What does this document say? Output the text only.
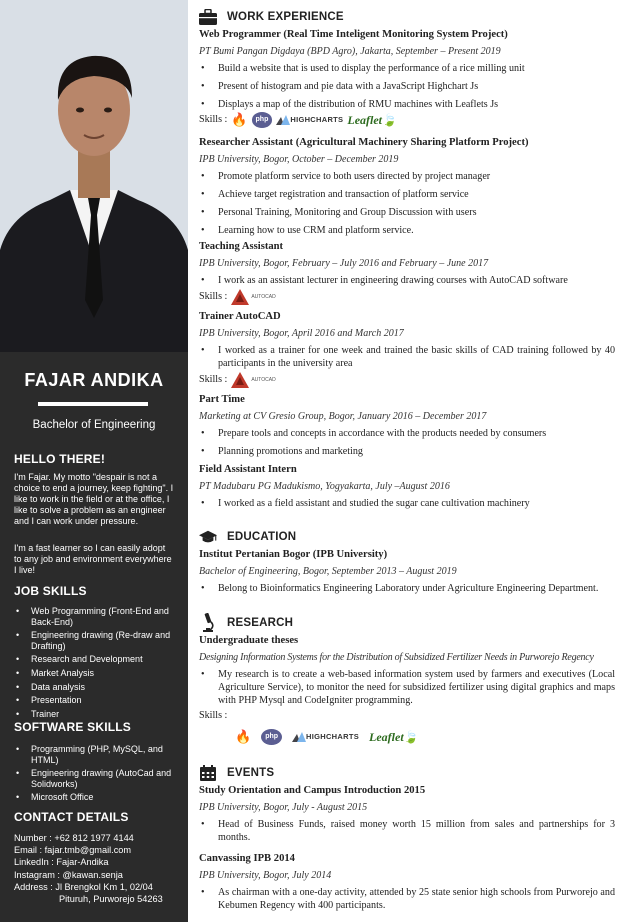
FAJAR ANDIKA
Bachelor of Engineering
HELLO THERE!
I'm Fajar. My motto "despair is not a choice to end a journey, keep fighting". I like to work in the field or at the office, I like to solve a problem as an engineer and I can work under pressure.
I'm a fast learner so I can easily adopt to any job and environment everywhere I live!
JOB SKILLS
• Web Programming (Front-End and Back-End)
• Engineering drawing (Re-draw and Drafting)
• Research and Development
• Market Analysis
• Data analysis
• Presentation
• Trainer
SOFTWARE SKILLS
• Programming (PHP, MySQL, and HTML)
• Engineering drawing (AutoCad and Solidworks)
• Microsoft Office
CONTACT DETAILS
Number : +62 812 1977 4144
Email : fajar.tmb@gmail.com
LinkedIn : Fajar-Andika
Instagram : @kawan.senja
Address : Jl Brengkol Km 1, 02/04
Pituruh, Purworejo 54263
WORK EXPERIENCE
Web Programmer (Real Time Inteligent Monitoring System Project)
PT Bumi Pangan Digdaya (BPD Agro), Jakarta, September – Present 2019
• Build a website that is used to display the performance of a rice milling unit
• Present of histogram and pie data with a JavaScript Highchart Js
• Displays a map of the distribution of RMU machines with Leaflets Js
Skills : 🔥	php	HIGHCHARTS Leaflet 🍃
Researcher Assistant (Agricultural Machinery Sharing Platform Project)
IPB University, Bogor, October – December 2019
• Promote platform service to both users directed by project manager
• Achieve target registration and transaction of platform service
• Personal Training, Monitoring and Group Discussion with users
• Learning how to use CRM and platform service.
Teaching Assistant
IPB University, Bogor, February – July 2016 and February – June 2017
• I work as an assistant lecturer in engineering drawing courses with AutoCAD software
Skills :	AUTOCAD
Trainer AutoCAD
IPB University, Bogor, April 2016 and March 2017
• I worked as a trainer for one week and trained the basic skills of CAD training followed by 40 participants in the university area
Skills :	AUTOCAD
Part Time
Marketing at CV Gresio Group, Bogor, January 2016 – December 2017
• Prepare tools and concepts in accordance with the products needed by consumers
• Planning promotions and marketing
Field Assistant Intern
PT Madubaru PG Madukismo, Yogyakarta, July –August 2016
• I worked as a field assistant and studied the sugar cane cultivation machinery
EDUCATION
Institut Pertanian Bogor (IPB University)
Bachelor of Engineering, Bogor, September 2013 – August 2019
• Belong to Bioinformatics Engineering Laboratory under Agriculture Engineering Department.
RESEARCH
Undergraduate theses
Designing Information Systems for the Distribution of Subsidized Fertilizer Needs in Purworejo Regency
• My research is to create a web-based information system used by farmers and executives (Local Agriculture Service), to monitor the need for subsidized fertilizer using digital graphics and maps with PHP Mysql and CodeIgniter programming.
Skills :
🔥	php	HIGHCHARTS Leaflet 🍃
EVENTS
Study Orientation and Campus Introduction 2015
IPB University, Bogor, July - August 2015
• Head of Business Funds, raised money worth 15 million from sales and partnerships for 3 months.
Canvassing IPB 2014
IPB University, Bogor, July 2014
• As chairman with a one-day activity, attended by 25 state senior high schools from Purworejo and Kebumen Regency with 400 participants.
